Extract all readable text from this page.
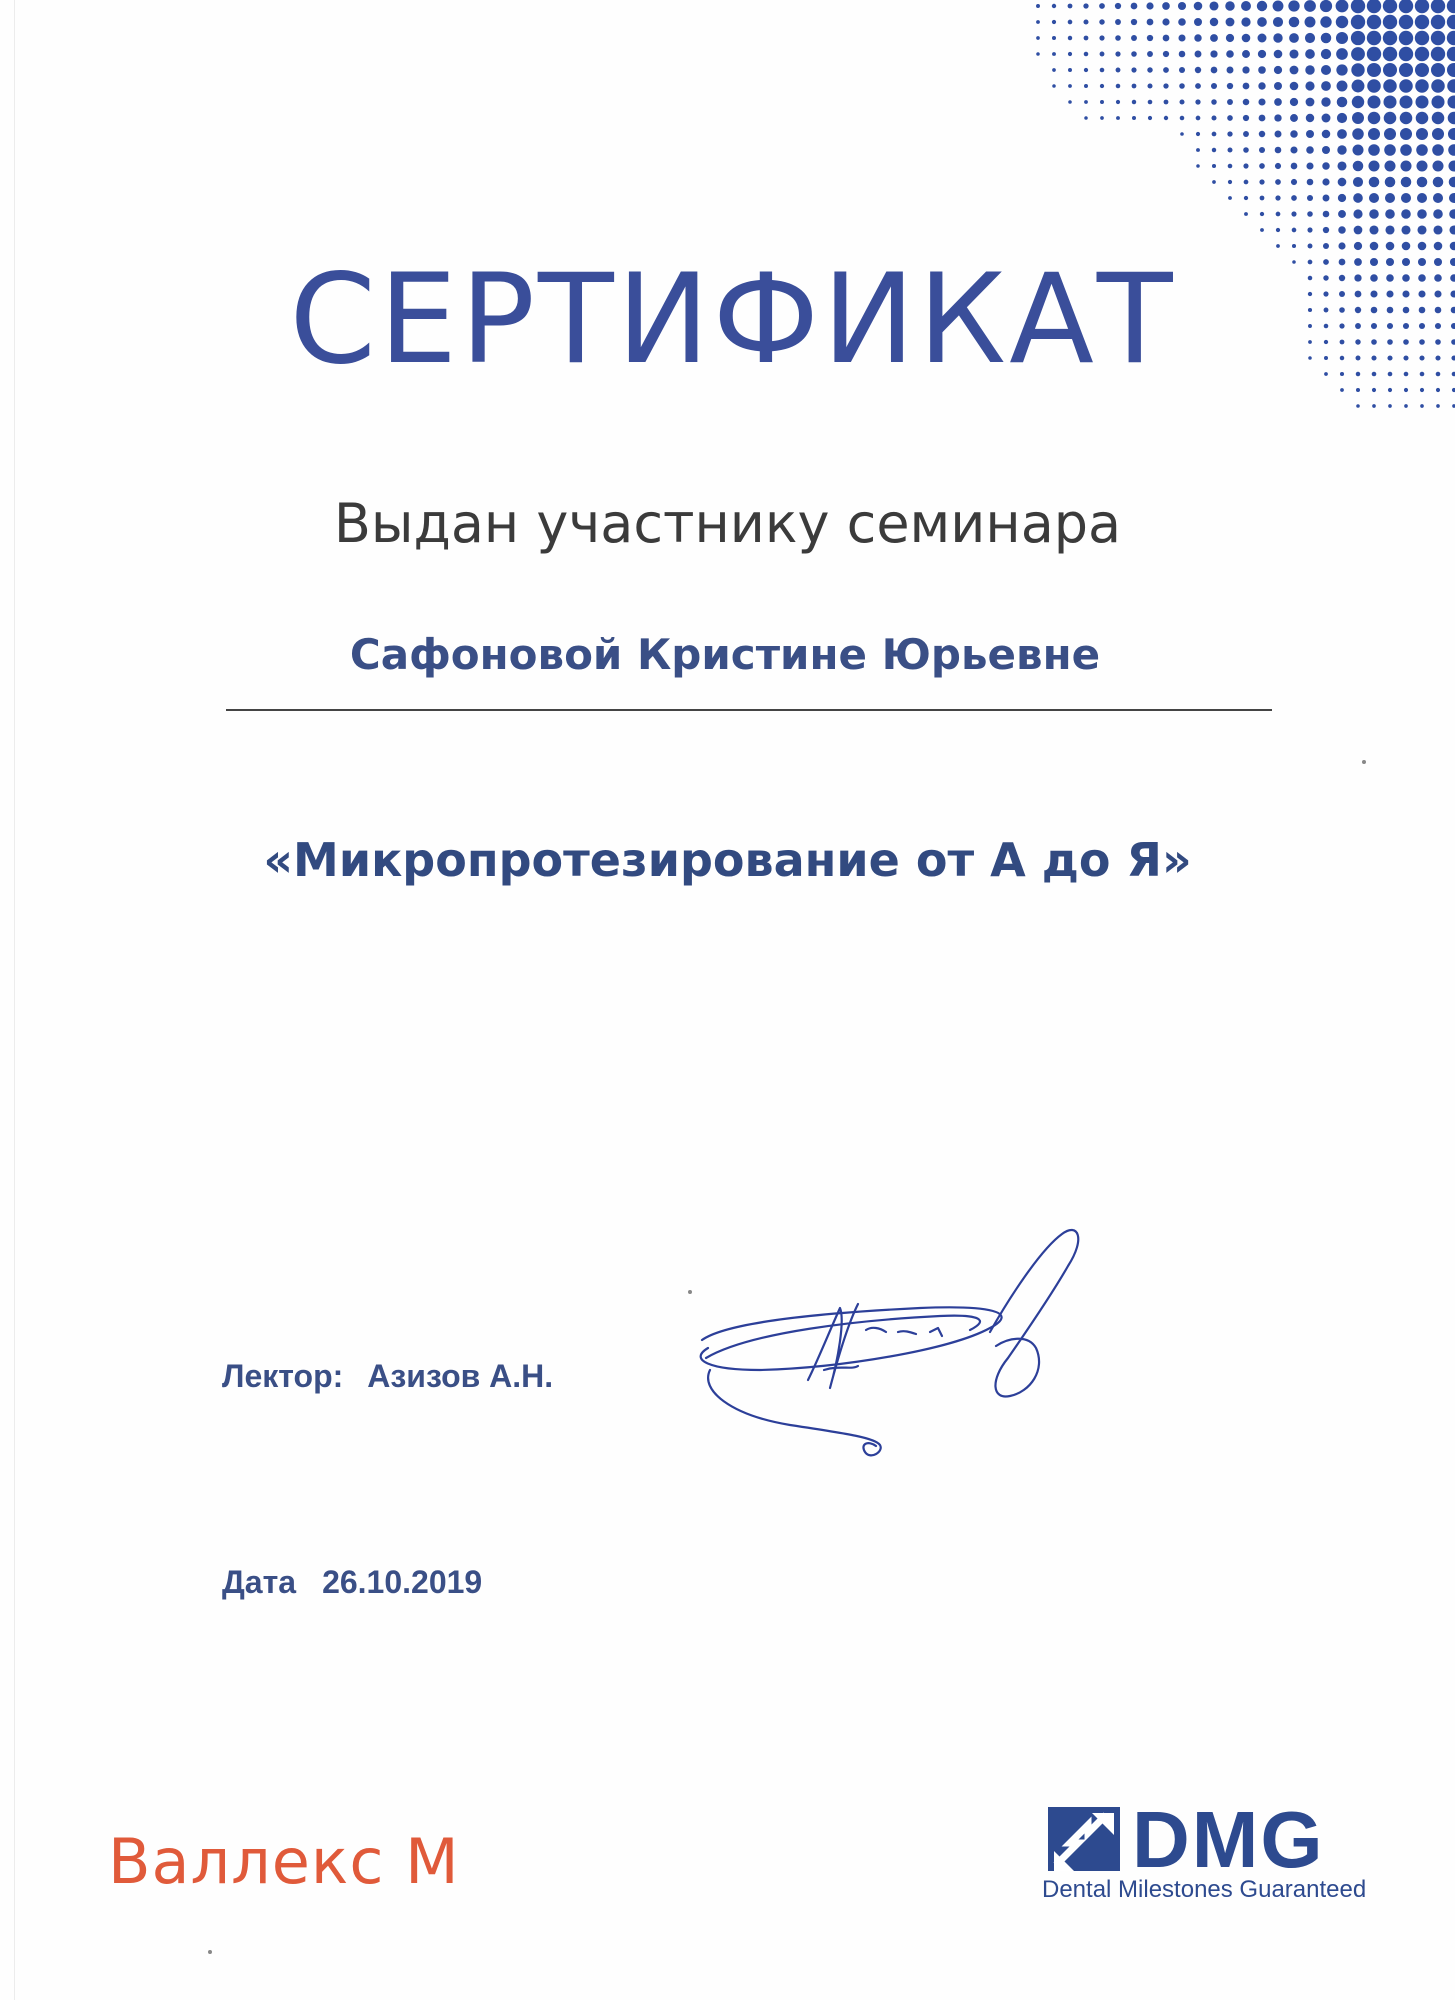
СЕРТИФИКАТ
Выдан участнику семинара
Сафоновой Кристине Юрьевне
«Микропротезирование от А до Я»
Лектор: Азизов А.Н.
Дата 26.10.2019
Валлекс М	DMG
Dental Milestones Guaranteed
